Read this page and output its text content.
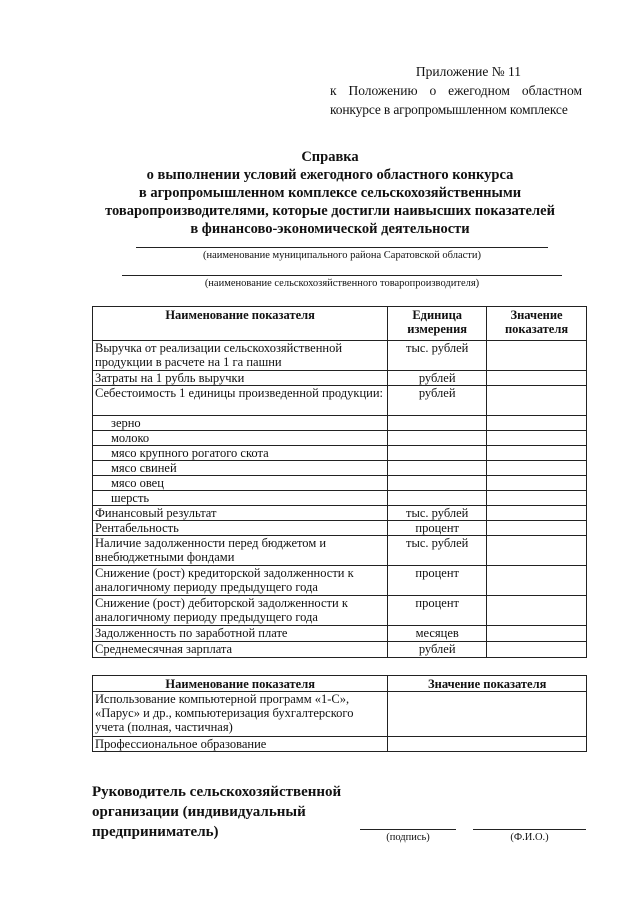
Приложение № 11
к Положению о ежегодном областном
конкурсе в агропромышленном комплексе
Справка
о выполнении условий ежегодного областного конкурса
в агропромышленном комплексе сельскохозяйственными
товаропроизводителями, которые достигли наивысших показателей
в финансово-экономической деятельности
(наименование муниципального района Саратовской области)
(наименование сельскохозяйственного товаропроизводителя)
Наименование показателя	Единица измерения	Значение показателя
Выручка от реализации сельскохозяйственной продукции в расчете на 1 га пашни	тыс. рублей	
Затраты на 1 рубль выручки	рублей	
Себестоимость 1 единицы произведенной продукции:	рублей	
зерно		
молоко		
мясо крупного рогатого скота		
мясо свиней		
мясо овец		
шерсть		
Финансовый результат	тыс. рублей	
Рентабельность	процент	
Наличие задолженности перед бюджетом и внебюджетными фондами	тыс. рублей	
Снижение (рост) кредиторской задолженности к аналогичному периоду предыдущего года	процент	
Снижение (рост) дебиторской задолженности к аналогичному периоду предыдущего года	процент	
Задолженность по заработной плате	месяцев	
Среднемесячная зарплата	рублей	
Наименование показателя	Значение показателя
Использование компьютерной программ «1-С», «Парус» и др., компьютеризация бухгалтерского учета (полная, частичная)	
Профессиональное образование	
Руководитель сельскохозяйственной организации (индивидуальный предприниматель)	(подпись)	(Ф.И.О.)
